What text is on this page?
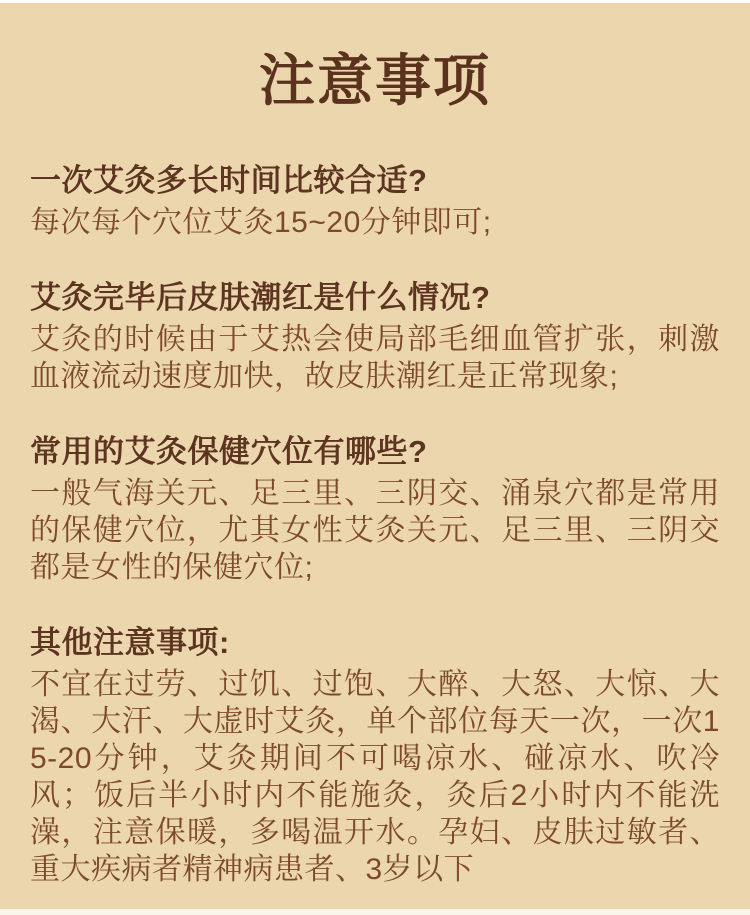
注意事项
一次艾灸多长时间比较合适?

每次每个穴位艾灸15~20分钟即可;

艾灸完毕后皮肤潮红是什么情况?

艾灸的时候由于艾热会使局部毛细血管扩张，刺激血液流动速度加快，故皮肤潮红是正常现象;

常用的艾灸保健穴位有哪些?

一般气海关元、足三里、三阴交、涌泉穴都是常用的保健穴位，尤其女性艾灸关元、足三里、三阴交都是女性的保健穴位;

其他注意事项:

不宜在过劳、过饥、过饱、大醉、大怒、大惊、大渴、大汗、大虚时艾灸，单个部位每天一次，一次15-20分钟，艾灸期间不可喝凉水、碰凉水、吹冷风；饭后半小时内不能施灸，灸后2小时内不能洗澡，注意保暖，多喝温开水。孕妇、皮肤过敏者、重大疾病者精神病患者、3岁以下
